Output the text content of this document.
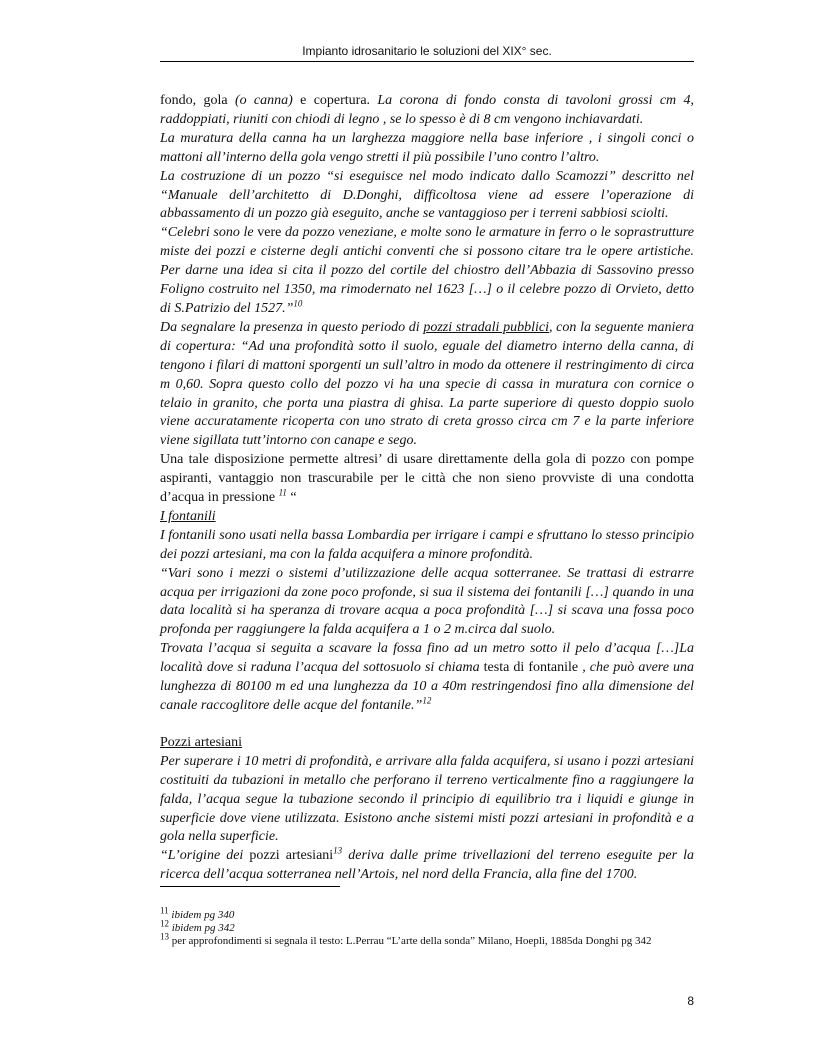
Impianto idrosanitario le soluzioni del XIX° sec.

fondo, gola (o canna) e copertura. La corona di fondo consta di tavoloni grossi cm 4, raddoppiati, riuniti con chiodi di legno , se lo spesso è di 8 cm vengono inchiavardati.

La muratura della canna ha un larghezza maggiore nella base inferiore , i singoli conci o mattoni all’interno della gola vengo stretti il più possibile l’uno contro l’altro.

La costruzione di un pozzo “si eseguisce nel modo indicato dallo Scamozzi” descritto nel “Manuale dell’architetto di D.Donghi, difficoltosa viene ad essere l’operazione di abbassamento di un pozzo già eseguito, anche se vantaggioso per i terreni sabbiosi sciolti.

“Celebri sono le vere da pozzo veneziane, e molte sono le armature in ferro o le soprastrutture miste dei pozzi e cisterne degli antichi conventi che si possono citare tra le opere artistiche. Per darne una idea si cita il pozzo del cortile del chiostro dell’Abbazia di Sassovino presso Foligno costruito nel 1350, ma rimodernato nel 1623 […] o il celebre pozzo di Orvieto, detto di S.Patrizio del 1527.”$^{10}$

Da segnalare la presenza in questo periodo di pozzi stradali pubblici, con la seguente maniera di copertura: “Ad una profondità sotto il suolo, eguale del diametro interno della canna, di tengono i filari di mattoni sporgenti un sull’altro in modo da ottenere il restringimento di circa m 0,60. Sopra questo collo del pozzo vi ha una specie di cassa in muratura con cornice o telaio in granito, che porta una piastra di ghisa. La parte superiore di questo doppio suolo viene accuratamente ricoperta con uno strato di creta grosso circa cm 7 e la parte inferiore viene sigillata tutt’intorno con canape e sego.

Una tale disposizione permette altresi’ di usare direttamente della gola di pozzo con pompe aspiranti, vantaggio non trascurabile per le città che non sieno provviste di una condotta d’acqua in pressione $^{11}$ “

I fontanili

I fontanili sono usati nella bassa Lombardia per irrigare i campi e sfruttano lo stesso principio dei pozzi artesiani, ma con la falda acquifera a minore profondità.

“Vari sono i mezzi o sistemi d’utilizzazione delle acqua sotterranee. Se trattasi di estrarre acqua per irrigazioni da zone poco profonde, si sua il sistema dei fontanili […] quando in una data località si ha speranza di trovare acqua a poca profondità […] si scava una fossa poco profonda per raggiungere la falda acquifera a 1 o 2 m.circa dal suolo.

Trovata l’acqua si seguita a scavare la fossa fino ad un metro sotto il pelo d’acqua […]La località dove si raduna l’acqua del sottosuolo si chiama testa di fontanile , che può avere una lunghezza di 80100 m ed una lunghezza da 10 a 40m restringendosi fino alla dimensione del canale raccoglitore delle acque del fontanile.”$^{12}$

Pozzi artesiani

Per superare i 10 metri di profondità, e arrivare alla falda acquifera, si usano i pozzi artesiani costituiti da tubazioni in metallo che perforano il terreno verticalmente fino a raggiungere la falda, l’acqua segue la tubazione secondo il principio di equilibrio tra i liquidi e giunge in superficie dove viene utilizzata. Esistono anche sistemi misti pozzi artesiani in profondità e a gola nella superficie.

“L’origine dei pozzi artesiani$^{13}$ deriva dalle prime trivellazioni del terreno eseguite per la ricerca dell’acqua sotterranea nell’Artois, nel nord della Francia, alla fine del 1700.

$^{11}$ ibidem pg 340

$^{12}$ ibidem pg 342

$^{13}$ per approfondimenti si segnala il testo: L.Perrau “L’arte della sonda” Milano, Hoepli, 1885da Donghi pg 342

8
